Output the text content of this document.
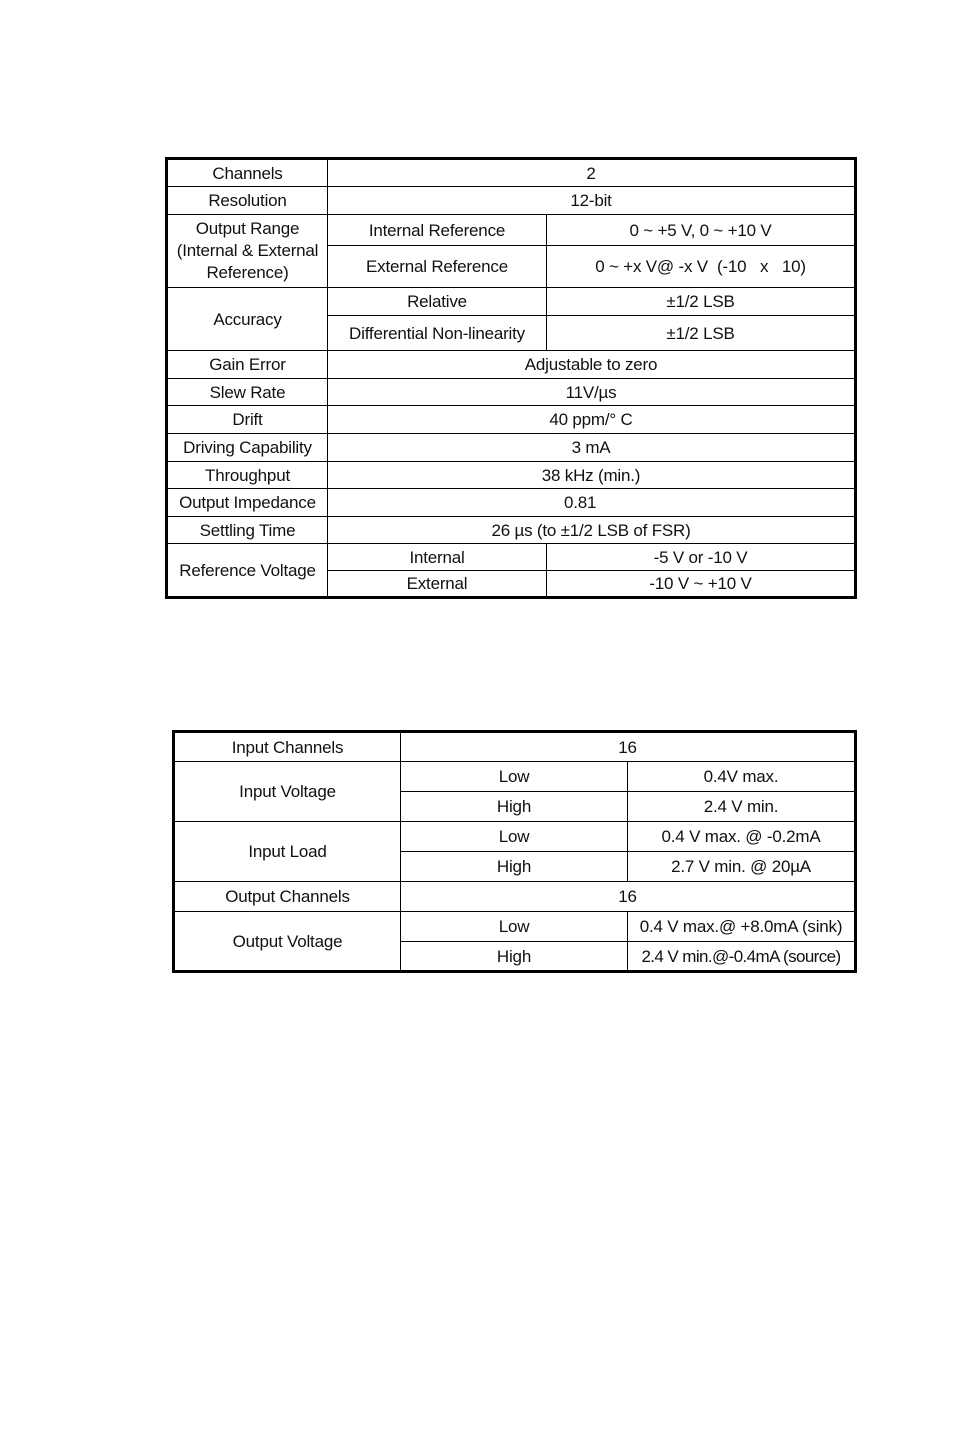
Channels	2	
Resolution	12-bit	
Output Range (Internal & External Reference)	Internal Reference	0 ~ +5 V, 0 ~ +10 V
	External Reference	0 ~ +x V@ -x V  (-10   x   10)
Accuracy	Relative	±1/2 LSB
	Differential Non-linearity	±1/2 LSB
Gain Error	Adjustable to zero	
Slew Rate	11V/µs	
Drift	40 ppm/° C	
Driving Capability	3 mA	
Throughput	38 kHz (min.)	
Output Impedance	0.81	
Settling Time	26 µs (to ±1/2 LSB of FSR)	
Reference Voltage	Internal	-5 V or -10 V
	External	-10 V ~ +10 V
Input Channels	16	
Input Voltage	Low	0.4V max.
	High	2.4 V min.
Input Load	Low	0.4 V max. @ -0.2mA
	High	2.7 V min. @ 20µA
Output Channels	16	
Output Voltage	Low	0.4 V max.@ +8.0mA (sink)
	High	2.4 V min.@-0.4mA (source)
